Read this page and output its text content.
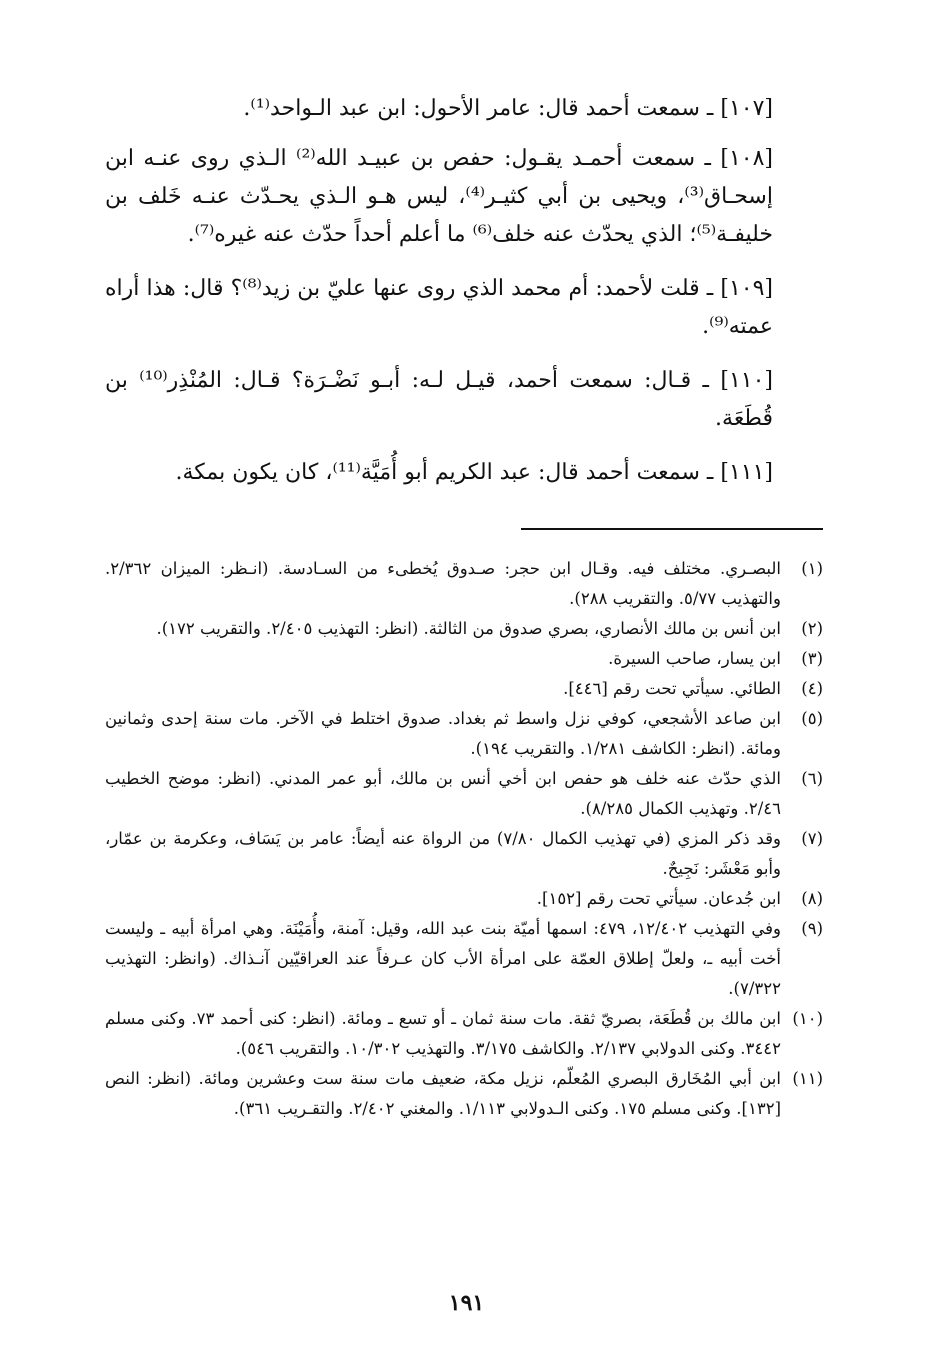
[١٠٧] ـ سمعت أحمد قال: عامر الأحول: ابن عبد الـواحد⁽¹⁾.

[١٠٨] ـ سمعت أحمـد يقـول: حفص بن عبيـد الله⁽²⁾ الـذي روى عنـه ابن إسحـاق⁽³⁾، ويحيى بن أبي كثيـر⁽⁴⁾، ليس هـو الـذي يحـدّث عنـه خَلف بن خليفـة⁽⁵⁾؛ الذي يحدّث عنه خلف⁽⁶⁾ ما أعلم أحداً حدّث عنه غيره⁽⁷⁾.

[١٠٩] ـ قلت لأحمد: أم محمد الذي روى عنها عليّ بن زيد⁽⁸⁾؟ قال: هذا أراه عمته⁽⁹⁾.

[١١٠] ـ قـال: سمعت أحمد، قيـل لـه: أبـو نَضْـرَة؟ قـال: المُنْذِر⁽¹⁰⁾ بن قُطَعَة.

[١١١] ـ سمعت أحمد قال: عبد الكريم أبو أُمَيَّة⁽¹¹⁾، كان يكون بمكة.

(١)
البصـري. مختلف فيه. وقـال ابن حجر: صـدوق يُخطىء من السـادسة. (انـظر: الميزان ٢/٣٦٢. والتهذيب ٥/٧٧. والتقريب ٢٨٨).
(٢)
ابن أنس بن مالك الأنصاري، بصري صدوق من الثالثة. (انظر: التهذيب ٢/٤٠٥. والتقريب ١٧٢).
(٣)
ابن يسار، صاحب السيرة.
(٤)
الطائي. سيأتي تحت رقم [٤٤٦].
(٥)
ابن صاعد الأشجعي، كوفي نزل واسط ثم بغداد. صدوق اختلط في الآخر. مات سنة إحدى وثمانين ومائة. (انظر: الكاشف ١/٢٨١. والتقريب ١٩٤).
(٦)
الذي حدّث عنه خلف هو حفص ابن أخي أنس بن مالك، أبو عمر المدني. (انظر: موضح الخطيب ٢/٤٦. وتهذيب الكمال ٨/٢٨٥).
(٧)
وقد ذكر المزي (في تهذيب الكمال ٧/٨٠) من الرواة عنه أيضاً: عامر بن يَسَاف، وعكرمة بن عمّار، وأبو مَعْشَر: نَجِيحٌ.
(٨)
ابن جُدعان. سيأتي تحت رقم [١٥٢].
(٩)
وفي التهذيب ١٢/٤٠٢، ٤٧٩: اسمها أميّة بنت عبد الله، وقيل: آمنة، وأُمَيْنَة. وهي امرأة أبيه ـ وليست أخت أبيه ـ، ولعلّ إطلاق العمّة على امرأة الأب كان عـرفاً عند العراقيّين آنـذاك. (وانظر: التهذيب ٧/٣٢٢).
(١٠)
ابن مالك بن قُطَعَة، بصريّ ثقة. مات سنة ثمان ـ أو تسع ـ ومائة. (انظر: كنى أحمد ٧٣. وكنى مسلم ٣٤٤٢. وكنى الدولابي ٢/١٣٧. والكاشف ٣/١٧٥. والتهذيب ١٠/٣٠٢. والتقريب ٥٤٦).
(١١)
ابن أبي المُخَارق البصري المُعلّم، نزيل مكة، ضعيف مات سنة ست وعشرين ومائة. (انظر: النص [١٣٢]. وكنى مسلم ١٧٥. وكنى الـدولابي ١/١١٣. والمغني ٢/٤٠٢. والتقـريب ٣٦١).
١٩١
